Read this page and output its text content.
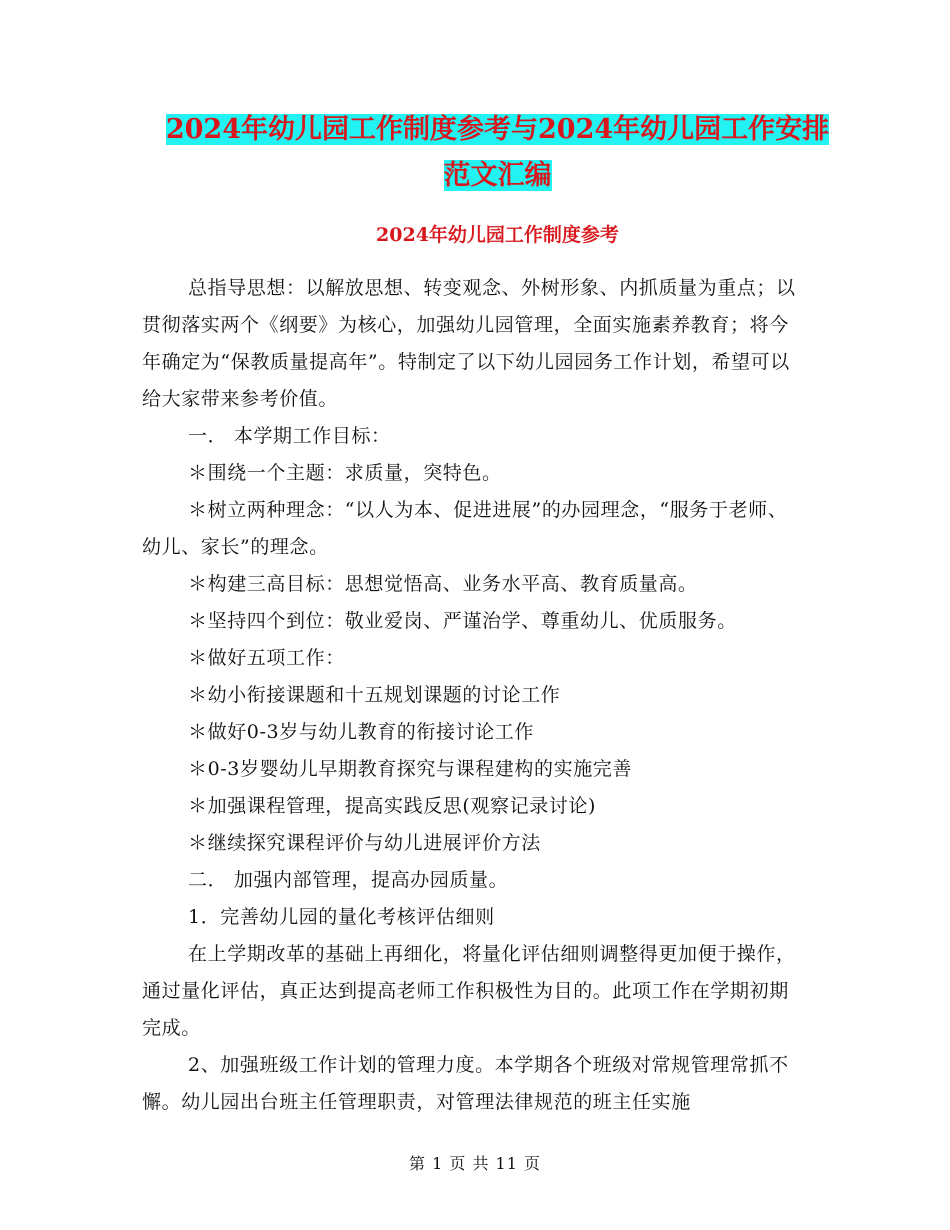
2024年幼儿园工作制度参考与2024年幼儿园工作安排
范文汇编
2024年幼儿园工作制度参考

总指导思想：以解放思想、转变观念、外树形象、内抓质量为重点；以贯彻落实两个《纲要》为核心，加强幼儿园管理，全面实施素养教育；将今年确定为“保教质量提高年”。特制定了以下幼儿园园务工作计划，希望可以给大家带来参考价值。

一． 本学期工作目标：

＊围绕一个主题：求质量，突特色。

＊树立两种理念：“以人为本、促进进展”的办园理念，“服务于老师、幼儿、家长”的理念。

＊构建三高目标：思想觉悟高、业务水平高、教育质量高。

＊坚持四个到位：敬业爱岗、严谨治学、尊重幼儿、优质服务。

＊做好五项工作：

＊幼小衔接课题和十五规划课题的讨论工作

＊做好0-3岁与幼儿教育的衔接讨论工作

＊0-3岁婴幼儿早期教育探究与课程建构的实施完善

＊加强课程管理，提高实践反思(观察记录讨论)

＊继续探究课程评价与幼儿进展评价方法

二． 加强内部管理，提高办园质量。

1．完善幼儿园的量化考核评估细则

在上学期改革的基础上再细化，将量化评估细则调整得更加便于操作，通过量化评估，真正达到提高老师工作积极性为目的。此项工作在学期初期完成。

2、加强班级工作计划的管理力度。本学期各个班级对常规管理常抓不懈。幼儿园出台班主任管理职责，对管理法律规范的班主任实施

第 1 页 共 11 页
